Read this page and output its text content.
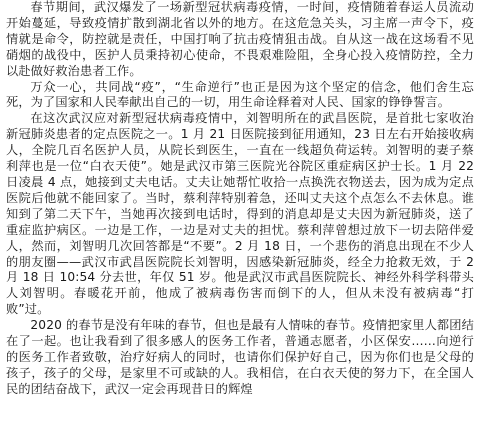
春节期间，武汉爆发了一场新型冠状病毒疫情，一时间，疫情随着春运人员流动开始蔓延，导致疫情扩散到湖北省以外的地方。在这危急关头，习主席一声令下，疫情就是命令，防控就是责任，中国打响了抗击疫情狙击战。自从这一战在这场看不见硝烟的战役中，医护人员秉持初心使命，不畏艰难险阻，全身心投入疫情防控，全力以赴做好救治患者工作。

万众一心，共同战“疫”，“生命逆行”也正是因为这个坚定的信念，他们舍生忘死，为了国家和人民奉献出自己的一切，用生命诠释着对人民、国家的铮铮誓言。

在这次武汉应对新型冠状病毒疫情中，刘智明所在的武昌医院，是首批七家收治新冠肺炎患者的定点医院之一。1 月 21 日医院接到征用通知，23 日左右开始接收病人，全院几百名医护人员，从院长到医生，一直在一线超负荷运转。刘智明的妻子蔡利萍也是一位“白衣天使”。她是武汉市第三医院光谷院区重症病区护士长。1 月 22 日凌晨 4 点，她接到丈夫电话。丈夫让她帮忙收拾一点换洗衣物送去，因为成为定点医院后他就不能回家了。当时，蔡利萍特别着急，还叫丈夫这个点怎么不去休息。谁知到了第二天下午，当她再次接到电话时，得到的消息却是丈夫因为新冠肺炎，送了重症监护病区。一边是工作，一边是对丈夫的担忧。蔡利萍曾想过放下一切去陪伴爱人，然而，刘智明几次回答都是“不要”。2 月 18 日，一个悲伤的消息出现在不少人的朋友圈——武汉市武昌医院院长刘智明，因感染新冠肺炎，经全力抢救无效，于 2 月 18 日 10:54 分去世，年仅 51 岁。他是武汉市武昌医院院长、神经外科学科带头人刘智明。春暖花开前，他成了被病毒伤害而倒下的人，但从未没有被病毒“打败”过。

2020 的春节是没有年味的春节，但也是最有人情味的春节。疫情把家里人都团结在了一起。也让我看到了很多感人的医务工作者，普通志愿者，小区保安……向逆行的医务工作者致敬，治疗好病人的同时，也请你们保护好自己，因为你们也是父母的孩子，孩子的父母，是家里不可或缺的人。我相信，在白衣天使的努力下，在全国人民的团结奋战下，武汉一定会再现昔日的辉煌
